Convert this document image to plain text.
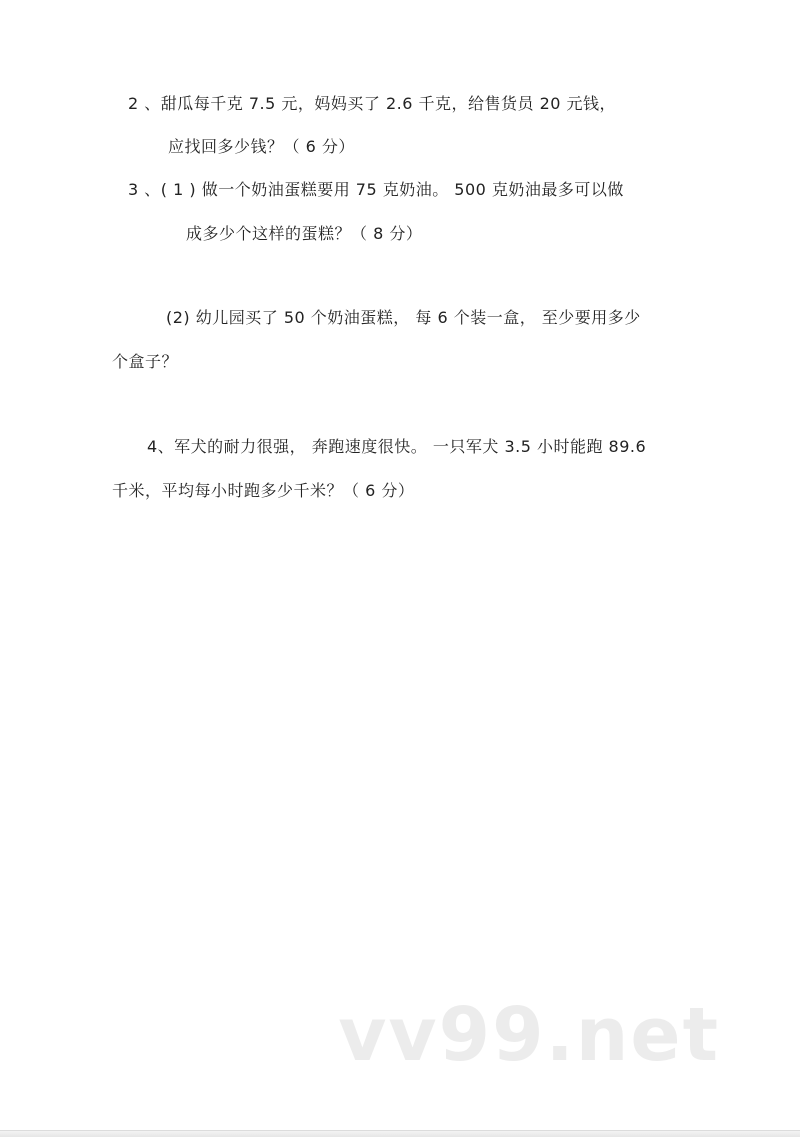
2 、甜瓜每千克 7.5 元，妈妈买了 2.6 千克，给售货员 20 元钱，
应找回多少钱？（ 6 分）
3 、( 1 ) 做一个奶油蛋糕要用 75 克奶油。 500 克奶油最多可以做
成多少个这样的蛋糕？（ 8 分）
(2) 幼儿园买了 50 个奶油蛋糕， 每 6 个装一盒， 至少要用多少
个盒子？
4、军犬的耐力很强， 奔跑速度很快。 一只军犬 3.5 小时能跑 89.6
千米，平均每小时跑多少千米？（ 6 分）
vv99.net
